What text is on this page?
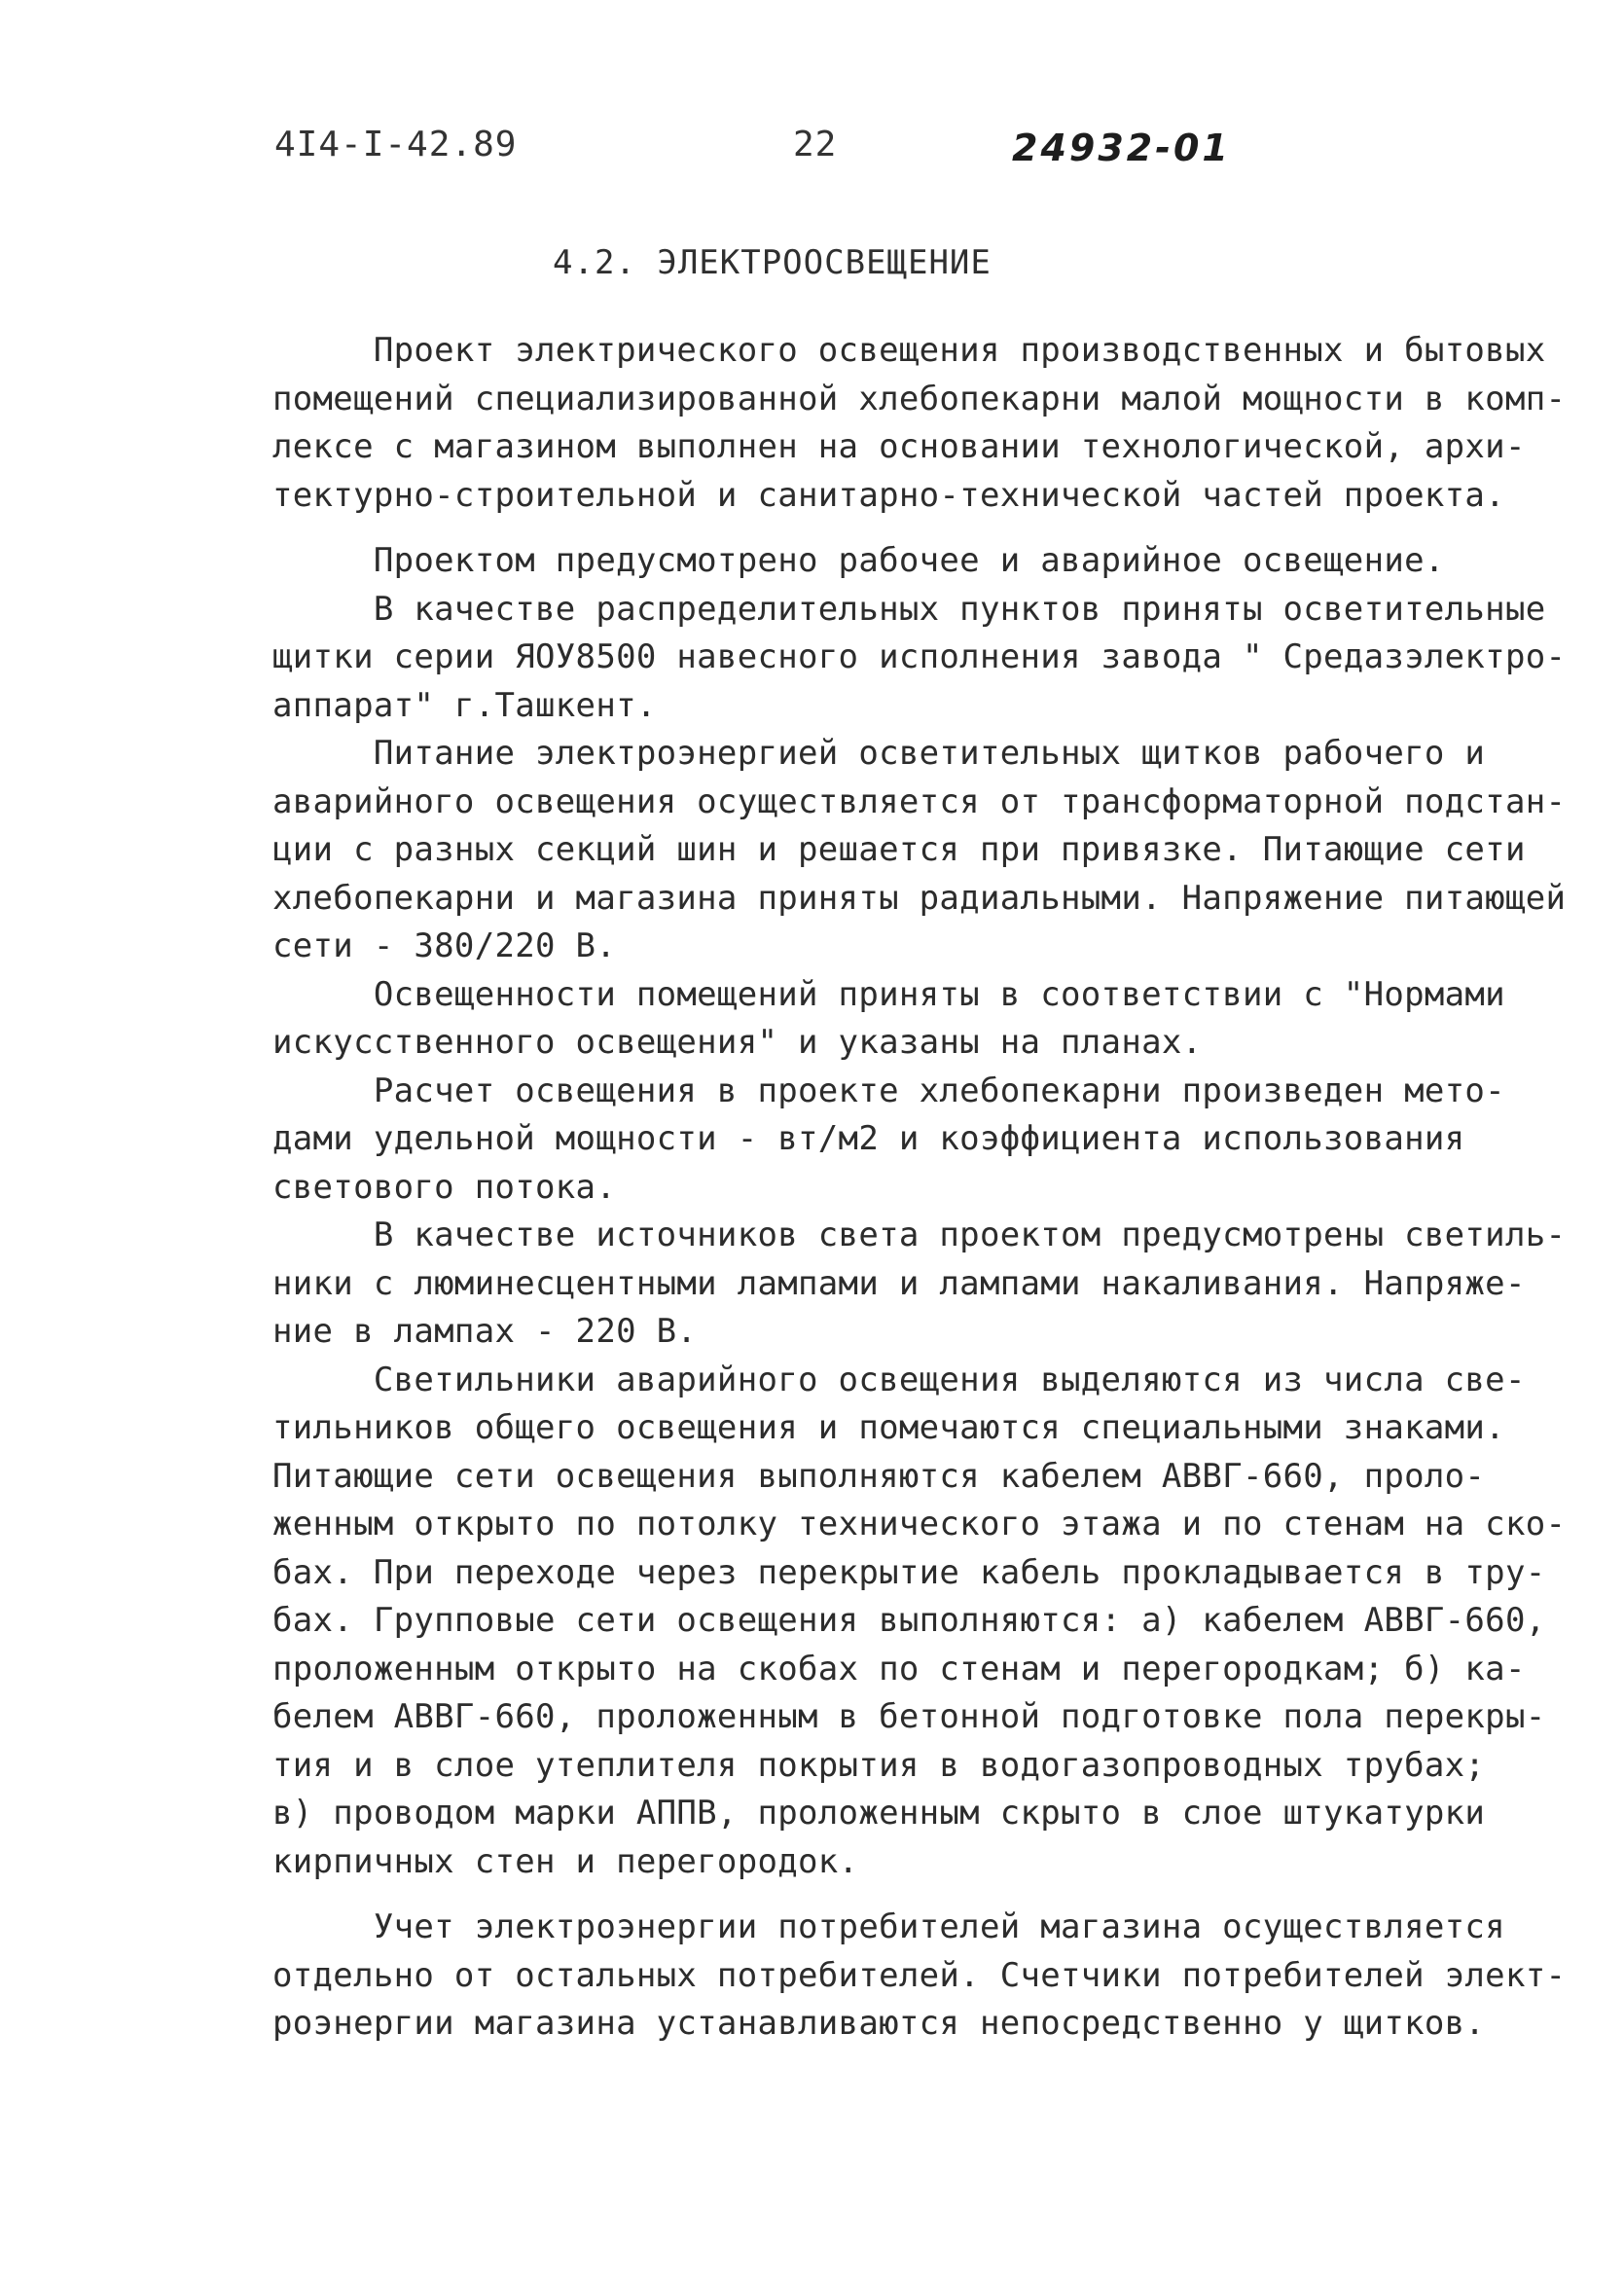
4I4-I-42.89	22	24932-01
4.2. ЭЛЕКТРООСВЕЩЕНИЕ
Проект электрического освещения производственных и бытовых
помещений специализированной хлебопекарни малой мощности в комп-
лексе с магазином выполнен на основании технологической, архи-
тектурно-строительной и санитарно-технической частей проекта.
Проектом предусмотрено рабочее и аварийное освещение.
В качестве распределительных пунктов приняты осветительные
щитки серии ЯОУ8500 навесного исполнения завода " Средазэлектро-
аппарат" г.Ташкент.
Питание электроэнергией осветительных щитков рабочего и
аварийного освещения осуществляется от трансформаторной подстан-
ции с разных секций шин и решается при привязке. Питающие сети
хлебопекарни и магазина приняты радиальными. Напряжение питающей
сети - 380/220 В.
Освещенности помещений приняты в соответствии с "Нормами
искусственного освещения" и указаны на планах.
Расчет освещения в проекте хлебопекарни произведен мето-
дами удельной мощности - вт/м2 и коэффициента использования
светового потока.
В качестве источников света проектом предусмотрены светиль-
ники с люминесцентными лампами и лампами накаливания. Напряже-
ние в лампах - 220 В.
Светильники аварийного освещения выделяются из числа све-
тильников общего освещения и помечаются специальными знаками.
Питающие сети освещения выполняются кабелем АВВГ-660, проло-
женным открыто по потолку технического этажа и по стенам на ско-
бах. При переходе через перекрытие кабель прокладывается в тру-
бах. Групповые сети освещения выполняются: а) кабелем АВВГ-660,
проложенным открыто на скобах по стенам и перегородкам; б) ка-
белем АВВГ-660, проложенным в бетонной подготовке пола перекры-
тия и в слое утеплителя покрытия в водогазопроводных трубах;
в) проводом марки АППВ, проложенным скрыто в слое штукатурки
кирпичных стен и перегородок.
Учет электроэнергии потребителей магазина осуществляется
отдельно от остальных потребителей. Счетчики потребителей элект-
роэнергии магазина устанавливаются непосредственно у щитков.
